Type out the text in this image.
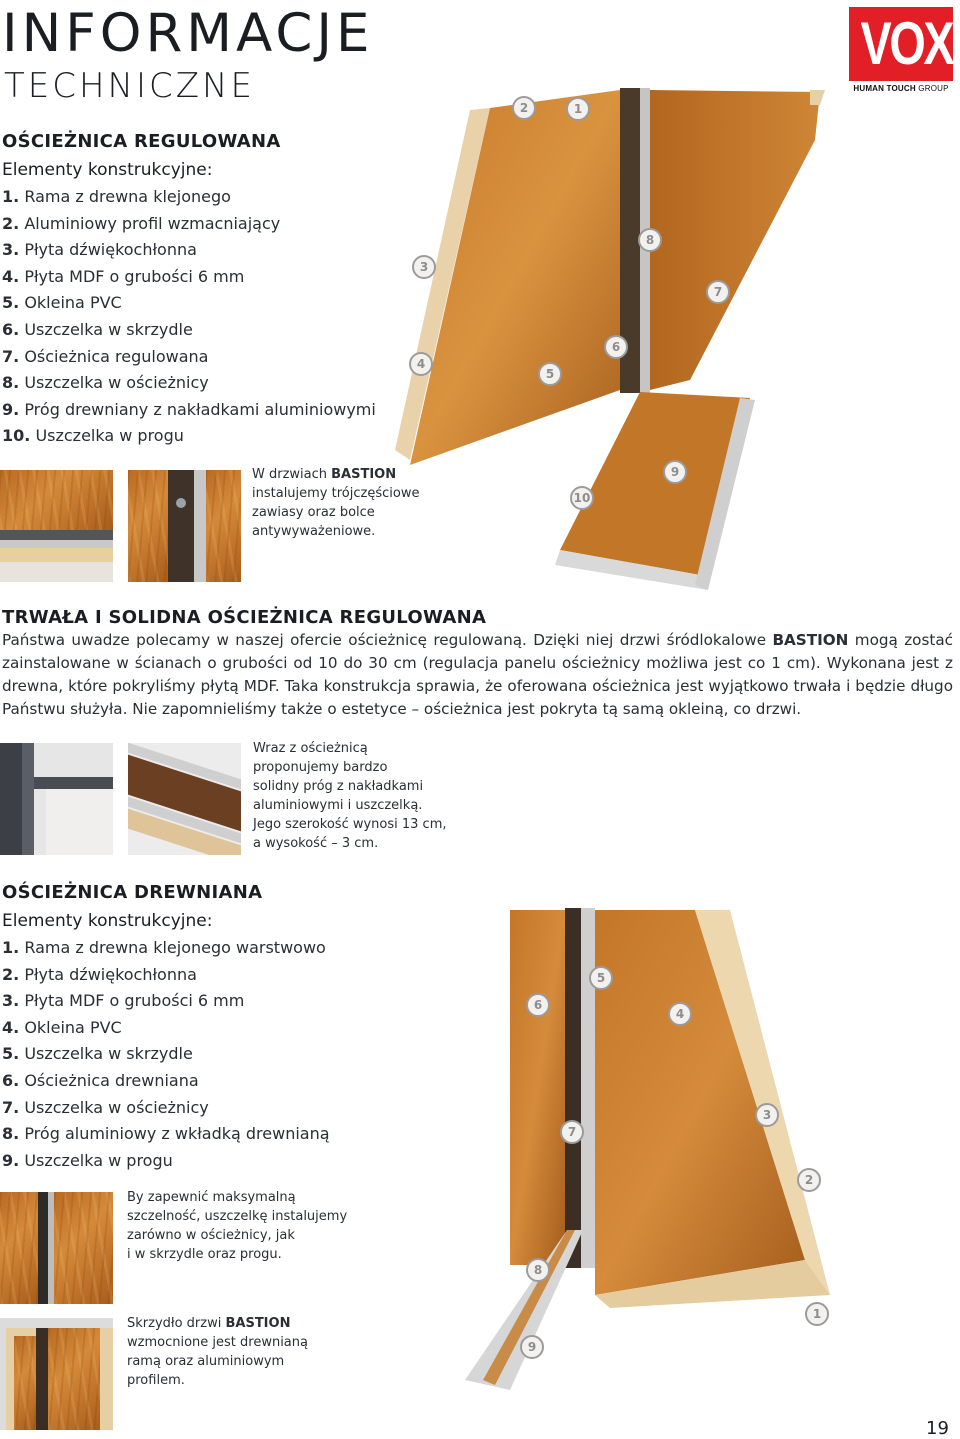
INFORMACJE
TECHNICZNE
VOX
HUMAN TOUCH GROUP
OŚCIEŻNICA REGULOWANA
Elementy konstrukcyjne:
1. Rama z drewna klejonego
2. Aluminiowy profil wzmacniający
3. Płyta dźwiękochłonna
4. Płyta MDF o grubości 6 mm
5. Okleina PVC
6. Uszczelka w skrzydle
7. Ościeżnica regulowana
8. Uszczelka w ościeżnicy
9. Próg drewniany z nakładkami aluminiowymi
10. Uszczelka w progu
2	1
3
4
5
6
7
8
9
10
W drzwiach BASTION instalujemy trójczęściowe zawiasy oraz bolce antywyważeniowe.
TRWAŁA I SOLIDNA OŚCIEŻNICA REGULOWANA
Państwa uwadze polecamy w naszej ofercie ościeżnicę regulowaną. Dzięki niej drzwi śródlokalowe BASTION mogą zostać zainstalowane w ścianach o grubości od 10 do 30 cm (regulacja panelu ościeżnicy możliwa jest co 1 cm). Wykonana jest z drewna, które pokryliśmy płytą MDF. Taka konstrukcja sprawia, że oferowana ościeżnica jest wyjątkowo trwała i będzie długo Państwu służyła. Nie zapomnieliśmy także o estetyce – ościeżnica jest pokryta tą samą okleiną, co drzwi.
Wraz z ościeżnicą
proponujemy bardzo
solidny próg z nakładkami
aluminiowymi i uszczelką.
Jego szerokość wynosi 13 cm,
a wysokość – 3 cm.
OŚCIEŻNICA DREWNIANA
Elementy konstrukcyjne:
1. Rama z drewna klejonego warstwowo
2. Płyta dźwiękochłonna
3. Płyta MDF o grubości 6 mm
4. Okleina PVC
5. Uszczelka w skrzydle
6. Ościeżnica drewniana
7. Uszczelka w ościeżnicy
8. Próg aluminiowy z wkładką drewnianą
9. Uszczelka w progu
5
6
4
3
7
2
8
1
9
By zapewnić maksymalną
szczelność, uszczelkę instalujemy
zarówno w ościeżnicy, jak
i w skrzydle oraz progu.
Skrzydło drzwi BASTION
wzmocnione jest drewnianą
ramą oraz aluminiowym
profilem.
19
